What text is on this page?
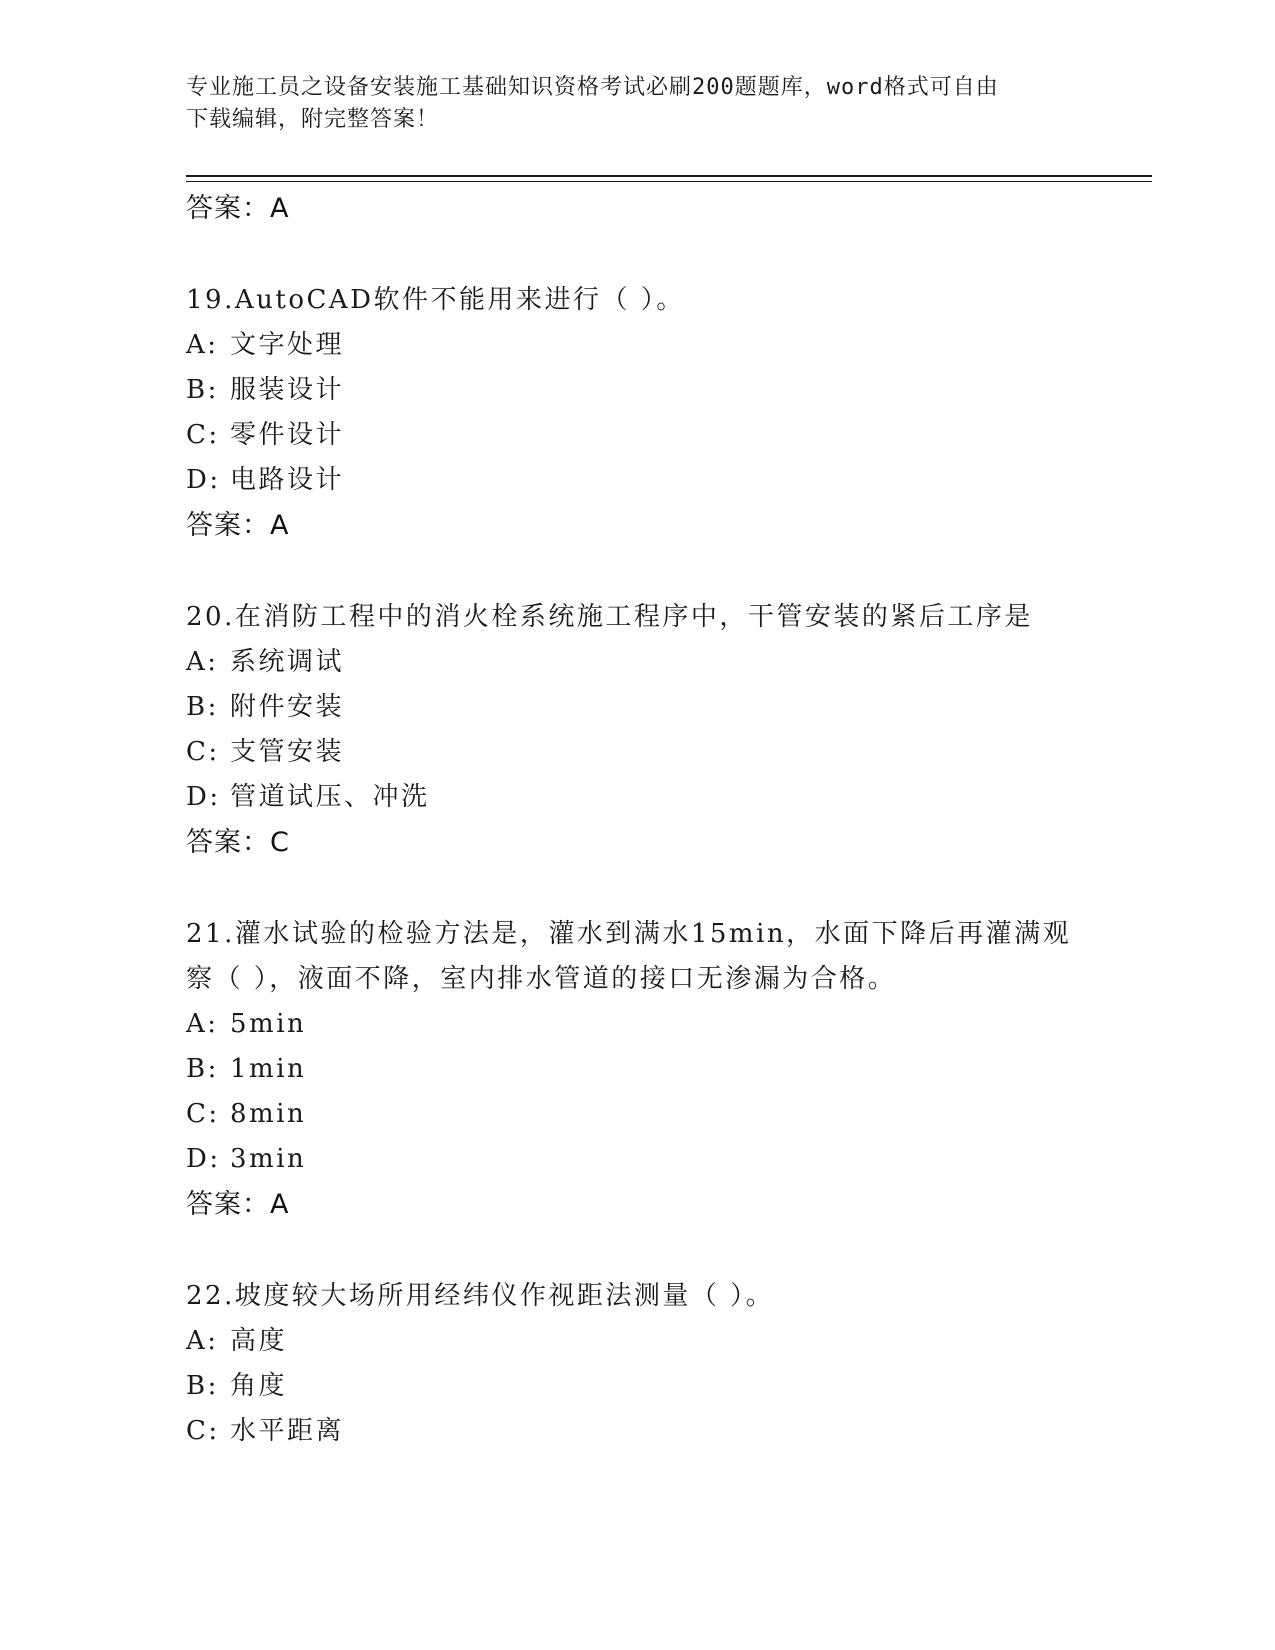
专业施工员之设备安装施工基础知识资格考试必刷200题题库，word格式可自由
下载编辑，附完整答案！
答案：A
19.AutoCAD软件不能用来进行（ ）。
A: 文字处理
B: 服装设计
C: 零件设计
D: 电路设计
答案：A
20.在消防工程中的消火栓系统施工程序中，干管安装的紧后工序是
A: 系统调试
B: 附件安装
C: 支管安装
D: 管道试压、冲洗
答案：C
21.灌水试验的检验方法是，灌水到满水15min，水面下降后再灌满观
察（ ），液面不降，室内排水管道的接口无渗漏为合格。
A: 5min
B: 1min
C: 8min
D: 3min
答案：A
22.坡度较大场所用经纬仪作视距法测量（ ）。
A: 高度
B: 角度
C: 水平距离
